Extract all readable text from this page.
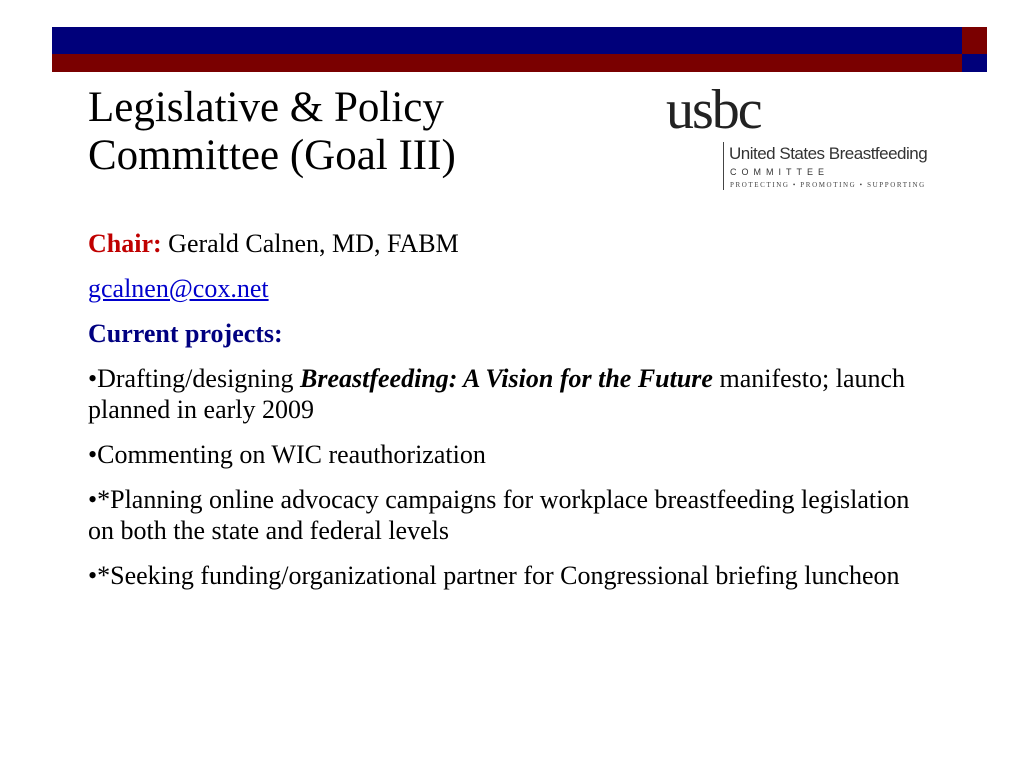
Legislative & Policy
Committee (Goal III)
usbc
United States Breastfeeding
COMMITTEE
PROTECTING • PROMOTING • SUPPORTING

Chair: Gerald Calnen, MD, FABM

gcalnen@cox.net

Current projects:

•Drafting/designing Breastfeeding: A Vision for the Future manifesto; launch planned in early 2009

•Commenting on WIC reauthorization

•*Planning online advocacy campaigns for workplace breastfeeding legislation on both the state and federal levels

•*Seeking funding/organizational partner for Congressional briefing luncheon
